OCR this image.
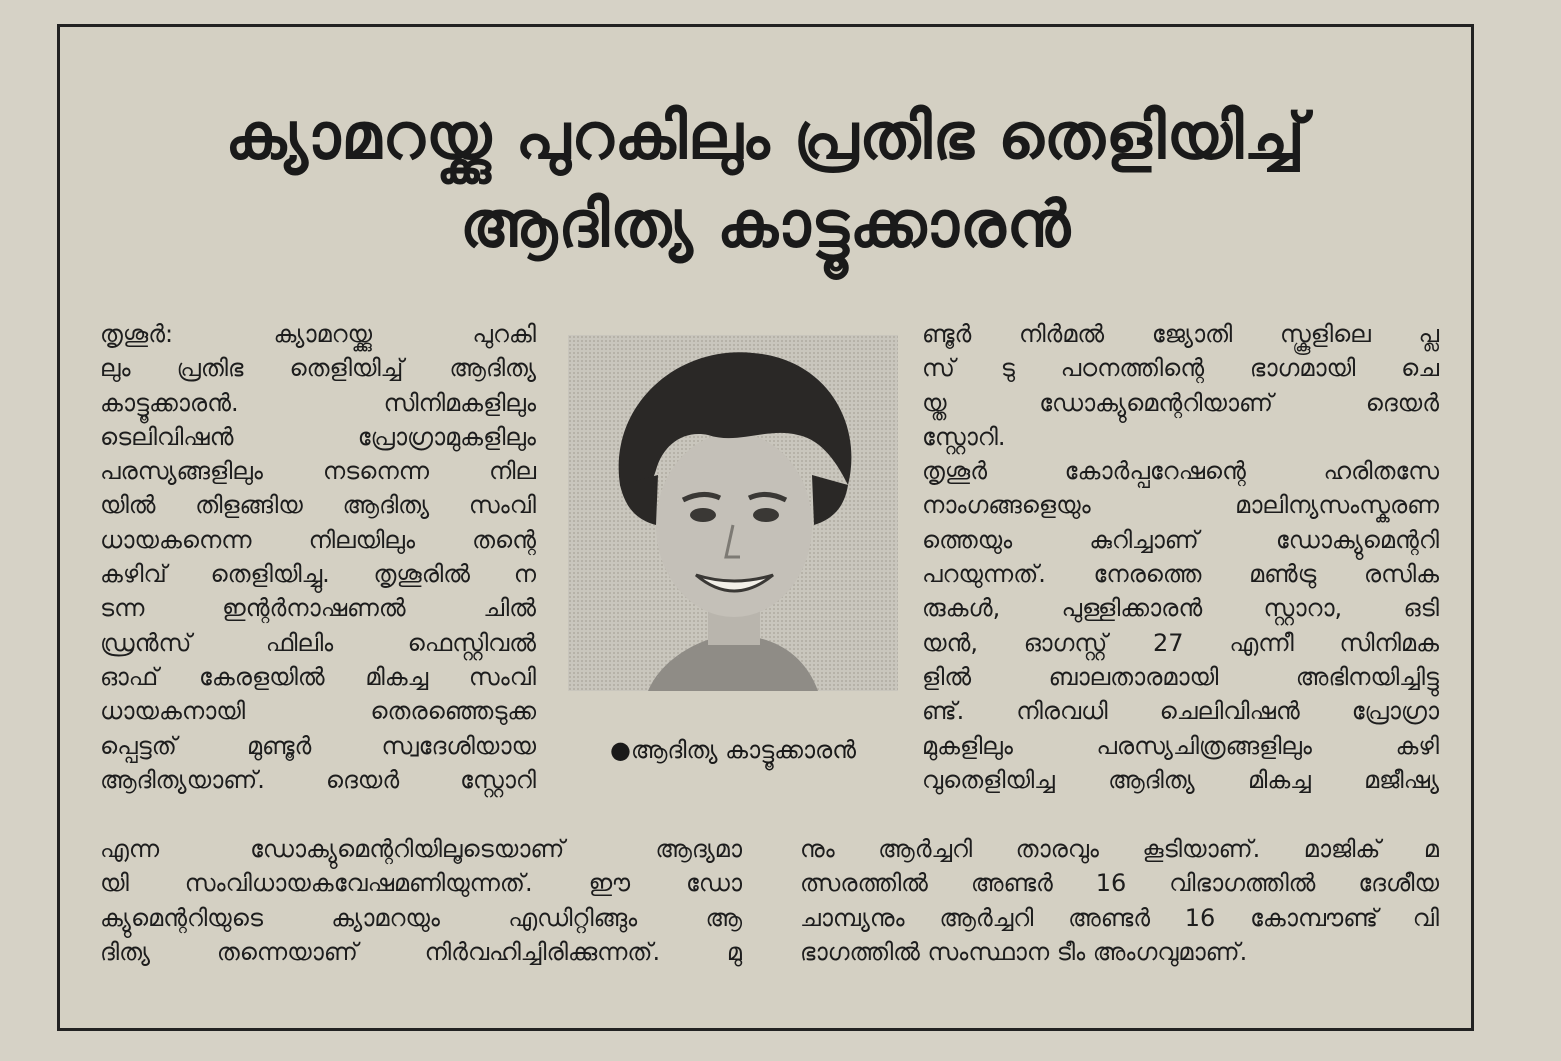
ക്യാമറയ്ക്കു പുറകിലും പ്രതിഭ തെളിയിച്ച്
ആദിത്യ കാട്ടൂക്കാരൻ
തൃശൂർ: ക്യാമറയ്ക്കു പുറകി
ലും പ്രതിഭ തെളിയിച്ച് ആദിത്യ
കാട്ടൂക്കാരൻ. സിനിമകളിലും
ടെലിവിഷൻ പ്രോഗ്രാമുകളിലും
പരസ്യങ്ങളിലും നടനെന്ന നില
യിൽ തിളങ്ങിയ ആദിത്യ സംവി
ധായകനെന്ന നിലയിലും തന്റെ
കഴിവ് തെളിയിച്ചു. തൃശൂരിൽ ന
ടന്ന ഇന്റർനാഷണൽ ചിൽ
ഡ്രൻസ് ഫിലിം ഫെസ്റ്റിവൽ
ഓഫ് കേരളയിൽ മികച്ച സംവി
ധായകനായി തെരഞ്ഞെടുക്ക
പ്പെട്ടത് മുണ്ടൂർ സ്വദേശിയായ
ആദിത്യയാണ്. ദെയർ സ്റ്റോറി
●ആദിത്യ കാട്ടൂക്കാരൻ
ണ്ടൂർ നിർമൽ ജ്യോതി സ്കൂളിലെ പ്ല
സ് ടു പഠനത്തിന്റെ ഭാഗമായി ചെ
യ്ത ഡോക്യുമെന്ററിയാണ് ദെയർ
സ്റ്റോറി.
തൃശൂർ കോർപ്പറേഷന്റെ ഹരിതസേ
നാംഗങ്ങളെയും മാലിന്യസംസ്കരണ
ത്തെയും കുറിച്ചാണ് ഡോക്യുമെന്ററി
പറയുന്നത്. നേരത്തെ മൺട്രു രസിക
രുകൾ, പുള്ളിക്കാരൻ സ്റ്റാറാ, ഒടി
യൻ, ഓഗസ്റ്റ് 27 എന്നീ സിനിമക
ളിൽ ബാലതാരമായി അഭിനയിച്ചിട്ടു
ണ്ട്. നിരവധി ചെലിവിഷൻ പ്രോഗ്രാ
മുകളിലും പരസ്യചിത്രങ്ങളിലും കഴി
വുതെളിയിച്ച ആദിത്യ മികച്ച മജീഷ്യ
എന്ന ഡോക്യുമെന്ററിയിലൂടെയാണ് ആദ്യമാ
യി സംവിധായകവേഷമണിയുന്നത്. ഈ ഡോ
ക്യുമെന്ററിയുടെ ക്യാമറയും എഡിറ്റിങ്ങും ആ
ദിത്യ തന്നെയാണ് നിർവഹിച്ചിരിക്കുന്നത്. മു
നും ആർച്ചറി താരവും കൂടിയാണ്. മാജിക് മ
ത്സരത്തിൽ അണ്ടർ 16 വിഭാഗത്തിൽ ദേശീയ
ചാമ്പ്യനും ആർച്ചറി അണ്ടർ 16 കോമ്പൗണ്ട് വി
ഭാഗത്തിൽ സംസ്ഥാന ടീം അംഗവുമാണ്.
